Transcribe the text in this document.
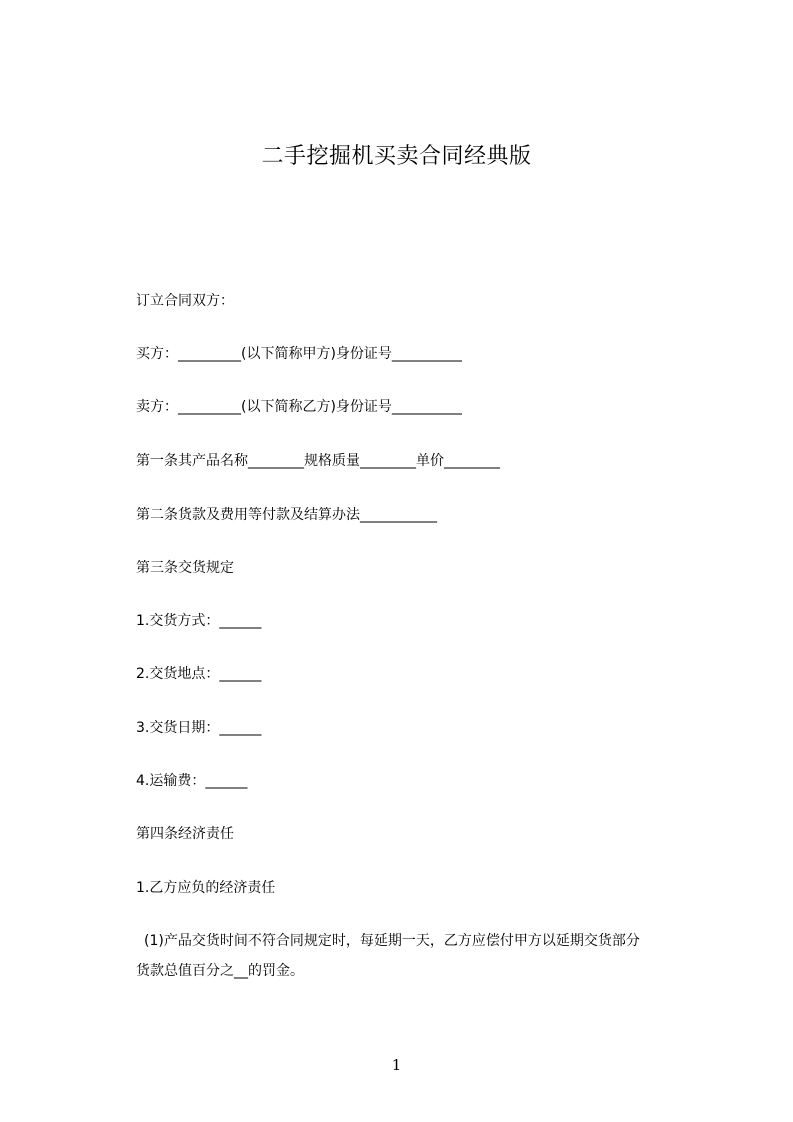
二手挖掘机买卖合同经典版
订立合同双方：
买方：_________(以下简称甲方)身份证号__________
卖方：_________(以下简称乙方)身份证号__________
第一条其产品名称________规格质量________单价________
第二条货款及费用等付款及结算办法___________
第三条交货规定
1.交货方式：______
2.交货地点：______
3.交货日期：______
4.运输费：______
第四条经济责任
1.乙方应负的经济责任
(1)产品交货时间不符合同规定时，每延期一天，乙方应偿付甲方以延期交货部分
货款总值百分之__的罚金。
1
